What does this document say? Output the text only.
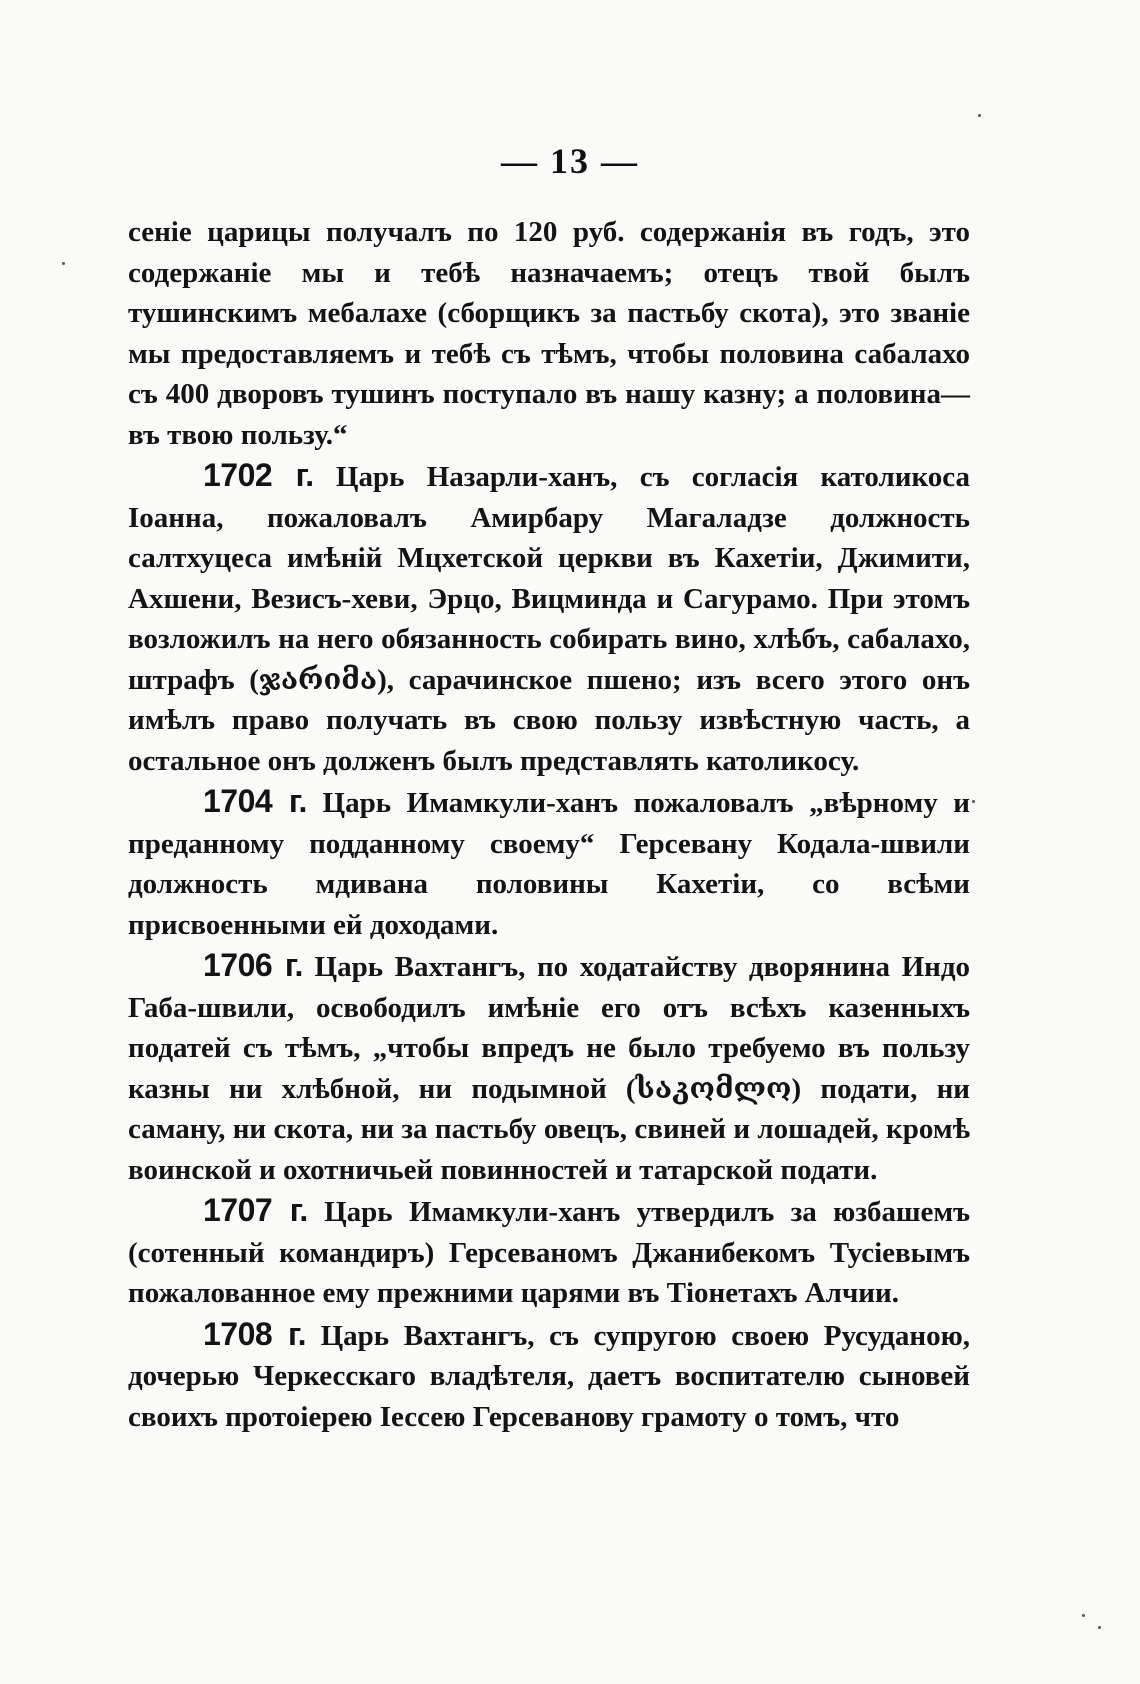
— 13 —

сеніе царицы получалъ по 120 руб. содержанія въ годъ, это содержаніе мы и тебѣ назначаемъ; отецъ твой былъ тушинскимъ мебалахе (сборщикъ за пастьбу скота), это званіе мы предоставляемъ и тебѣ съ тѣмъ, чтобы половина сабалахо съ 400 дворовъ тушинъ поступало въ нашу казну; а половина—въ твою пользу.“

1702 г. Царь Назарли-ханъ, съ согласія католикоса Іоанна, пожаловалъ Амирбару Магаладзе должность салтхуцеса имѣній Мцхетской церкви въ Кахетіи, Джимити, Ахшени, Везисъ-хеви, Эрцо, Вицминда и Сагурамо. При этомъ возложилъ на него обязанность собирать вино, хлѣбъ, сабалахо, штрафъ (ჯარიმა), сарачинское пшено; изъ всего этого онъ имѣлъ право получать въ свою пользу извѣстную часть, а остальное онъ долженъ былъ представлять католикосу.

1704 г. Царь Имамкули-ханъ пожаловалъ „вѣрному и преданному подданному своему“ Герсевану Кодала-швили должность мдивана половины Кахетіи, со всѣми присвоенными ей доходами.

1706 г. Царь Вахтангъ, по ходатайству дворянина Индо Габа-швили, освободилъ имѣніе его отъ всѣхъ казенныхъ податей съ тѣмъ, „чтобы впредъ не было требуемо въ пользу казны ни хлѣбной, ни подымной (საკომლო) подати, ни саману, ни скота, ни за пастьбу овецъ, свиней и лошадей, кромѣ воинской и охотничьей повинностей и татарской подати.

1707 г. Царь Имамкули-ханъ утвердилъ за юзбашемъ (сотенный командиръ) Герсеваномъ Джанибекомъ Тусіевымъ пожалованное ему прежними царями въ Тіонетахъ Алчии.

1708 г. Царь Вахтангъ, съ супругою своею Русуданою, дочерью Черкесскаго владѣтеля, даетъ воспитателю сыновей своихъ протоіерею Іессею Герсеванову грамоту о томъ, что
